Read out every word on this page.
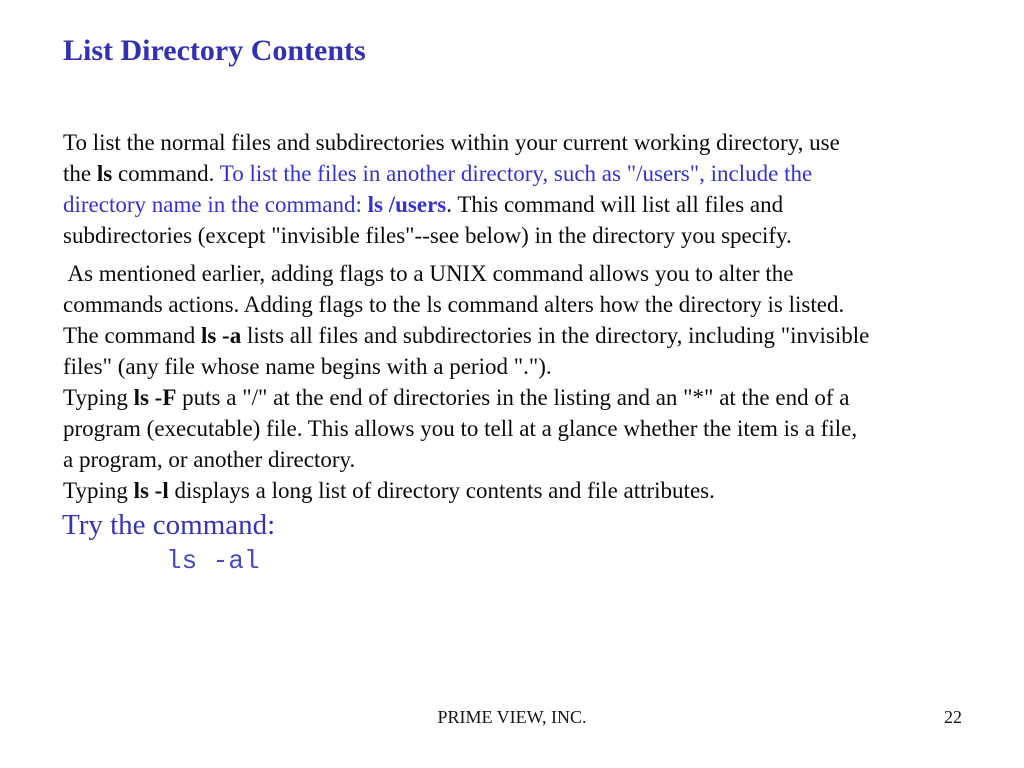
List Directory Contents
To list the normal files and subdirectories within your current working directory, use
the ls command. To list the files in another directory, such as "/users", include the
directory name in the command: ls /users. This command will list all files and
subdirectories (except "invisible files"--see below) in the directory you specify.
As mentioned earlier, adding flags to a UNIX command allows you to alter the
commands actions. Adding flags to the ls command alters how the directory is listed.
The command ls -a lists all files and subdirectories in the directory, including "invisible
files" (any file whose name begins with a period ".").
Typing ls -F puts a "/" at the end of directories in the listing and an "*" at the end of a
program (executable) file. This allows you to tell at a glance whether the item is a file,
a program, or another directory.
Typing ls -l displays a long list of directory contents and file attributes.
Try the command:
ls -al
PRIME VIEW, INC.	22
